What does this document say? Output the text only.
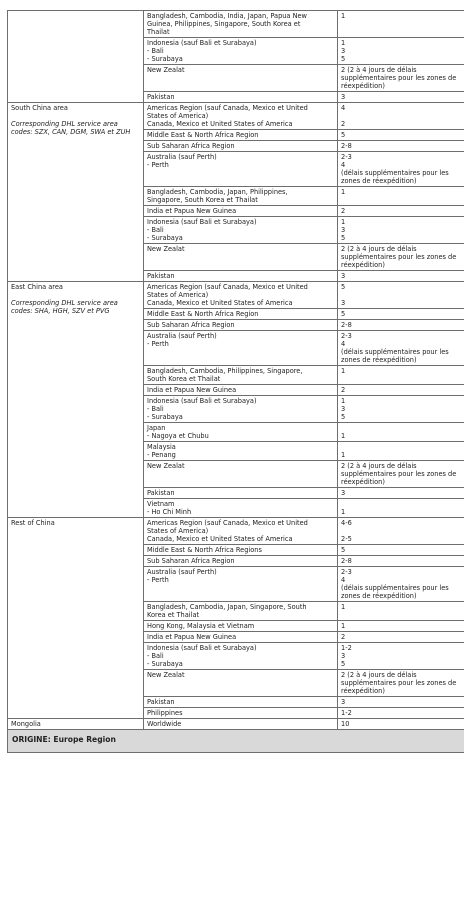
	Bangladesh, Cambodia, India, Japan, Papua New
Guinea, Philippines, Singapore, South Korea et
Thailat	1

	Indonesia (sauf Bali et Surabaya)
- Bali
- Surabaya	1
3
5

	New Zealat	2 (2 à 4 jours de délais
supplémentaires pour les zones de
réexpédition)

	Pakistan	3

South China area
Corresponding DHL service area codes: SZX, CAN, DGM, SWA et ZUH	Americas Region (sauf Canada, Mexico et United
States of America)
Canada, Mexico et United States of America	4
2

	Middle East & North Africa Region	5

	Sub Saharan Africa Region	2-8

	Australia (sauf Perth)
- Perth	2-3
4
(délais supplémentaires pour les
zones de réexpédition)

	Bangladesh, Cambodia, Japan, Philippines,
Singapore, South Korea et Thailat	1

	India et Papua New Guinea	2

	Indonesia (sauf Bali et Surabaya)
- Bali
- Surabaya	1
3
5

	New Zealat	2 (2 à 4 jours de délais
supplémentaires pour les zones de
réexpédition)

	Pakistan	3

East China area
Corresponding DHL service area codes: SHA, HGH, SZV et PVG	Americas Region (sauf Canada, Mexico et United
States of America)
Canada, Mexico et United States of America	5
3

	Middle East & North Africa Region	5

	Sub Saharan Africa Region	2-8

	Australia (sauf Perth)
- Perth	2-3
4
(délais supplémentaires pour les
zones de réexpédition)

	Bangladesh, Cambodia, Philippines, Singapore,
South Korea et Thailat	1

	India et Papua New Guinea	2

	Indonesia (sauf Bali et Surabaya)
- Bali
- Surabaya	1
3
5

	Japan
- Nagoya et Chubu	1

	Malaysia
- Penang	1

	New Zealat	2 (2 à 4 jours de délais
supplémentaires pour les zones de
réexpédition)

	Pakistan	3

	Vietnam
- Ho Chi Minh	1

Rest of China	Americas Region (sauf Canada, Mexico et United
States of America)
Canada, Mexico et United States of America	4-6
2-5

	Middle East & North Africa Regions	5

	Sub Saharan Africa Region	2-8

	Australia (sauf Perth)
- Perth	2-3
4
(délais supplémentaires pour les
zones de réexpédition)

	Bangladesh, Cambodia, Japan, Singapore, South
Korea et Thailat	1

	Hong Kong, Malaysia et Vietnam	1

	India et Papua New Guinea	2

	Indonesia (sauf Bali et Surabaya)
- Bali
- Surabaya	1-2
3
5

	New Zealat	2 (2 à 4 jours de délais
supplémentaires pour les zones de
réexpédition)

	Pakistan	3

	Philippines	1-2

Mongolia	Worldwide	10

ORIGINE: Europe Region		
